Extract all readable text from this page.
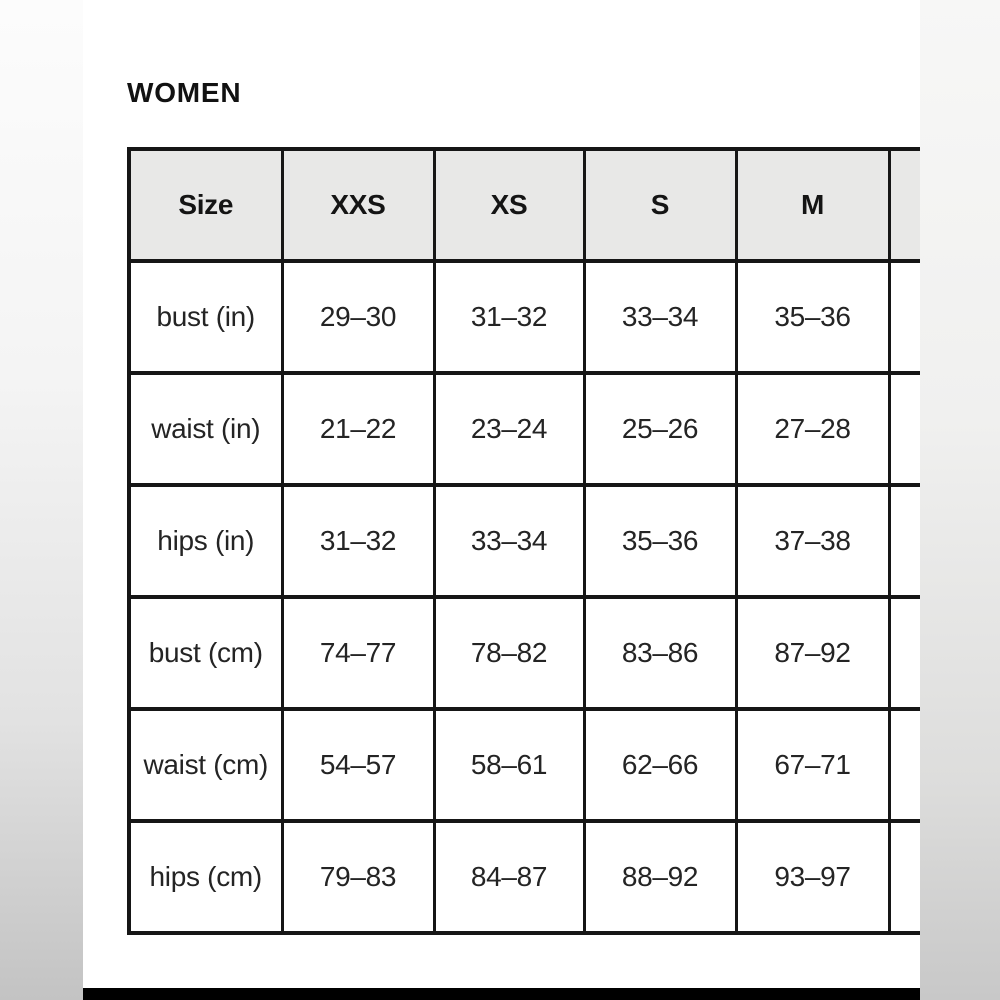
WOMEN
Size	XXS	XS	S	M	
bust (in)	29–30	31–32	33–34	35–36	
waist (in)	21–22	23–24	25–26	27–28	
hips (in)	31–32	33–34	35–36	37–38	
bust (cm)	74–77	78–82	83–86	87–92	
waist (cm)	54–57	58–61	62–66	67–71	
hips (cm)	79–83	84–87	88–92	93–97	
